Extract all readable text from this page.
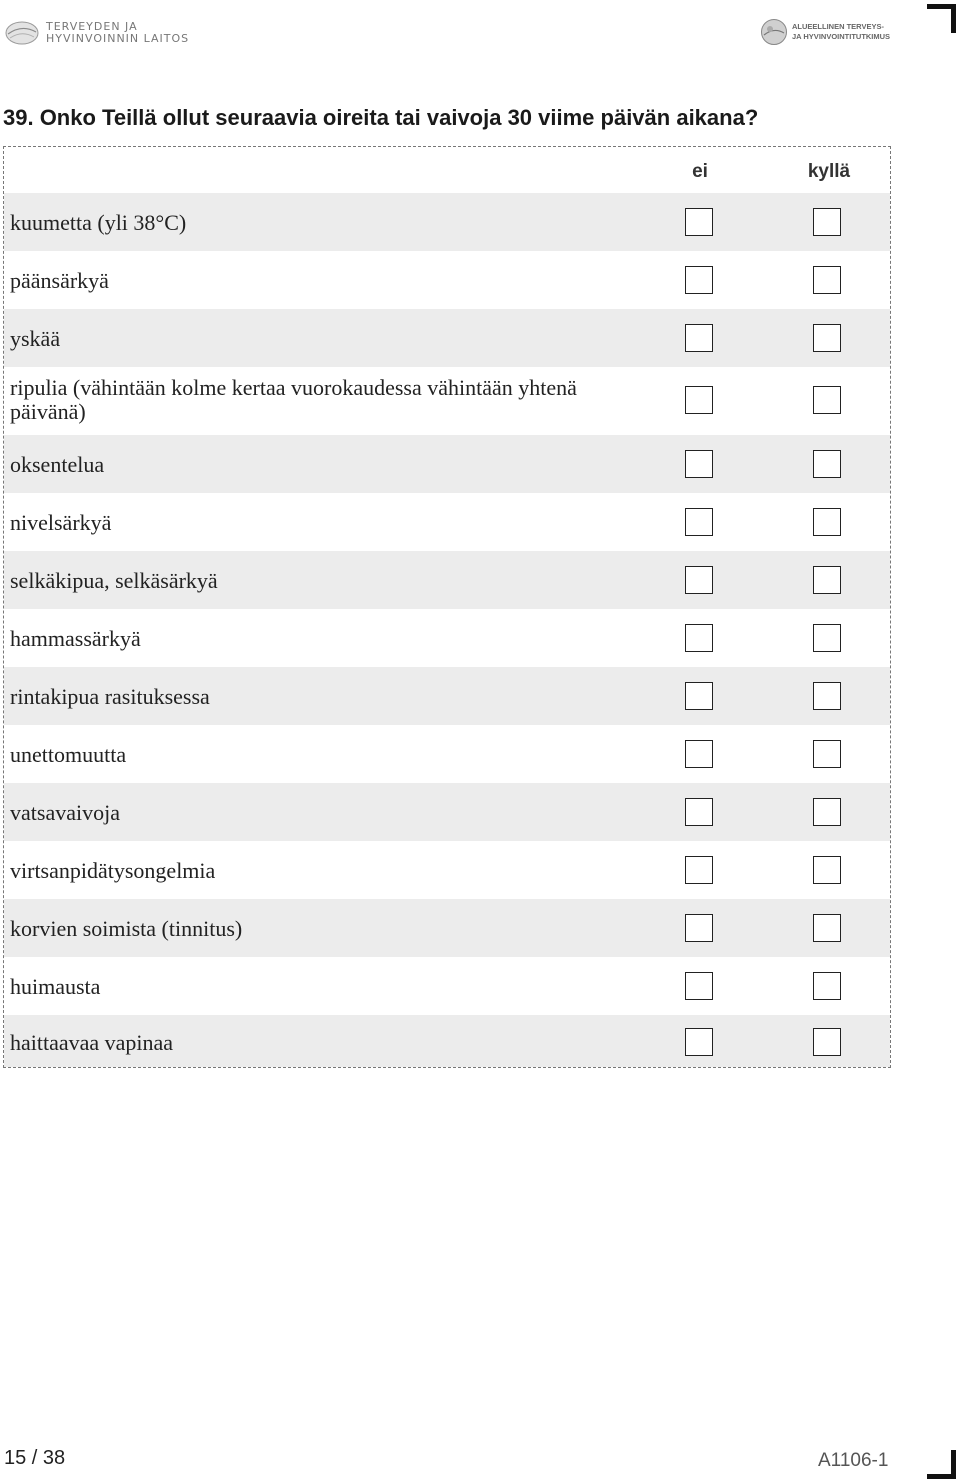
TERVEYDEN JA
HYVINVOINNIN LAITOS
ALUEELLINEN TERVEYS-
JA HYVINVOINTITUTKIMUS
39. Onko Teillä ollut seuraavia oireita tai vaivoja 30 viime päivän aikana?
ei	kyllä
kuumetta (yli 38°C)
päänsärkyä
yskää
ripulia (vähintään kolme kertaa vuorokaudessa vähintään yhtenä päivänä)
oksentelua
nivelsärkyä
selkäkipua, selkäsärkyä
hammassärkyä
rintakipua rasituksessa
unettomuutta
vatsavaivoja
virtsanpidätysongelmia
korvien soimista (tinnitus)
huimausta
haittaavaa vapinaa
15 / 38	A1106-1
